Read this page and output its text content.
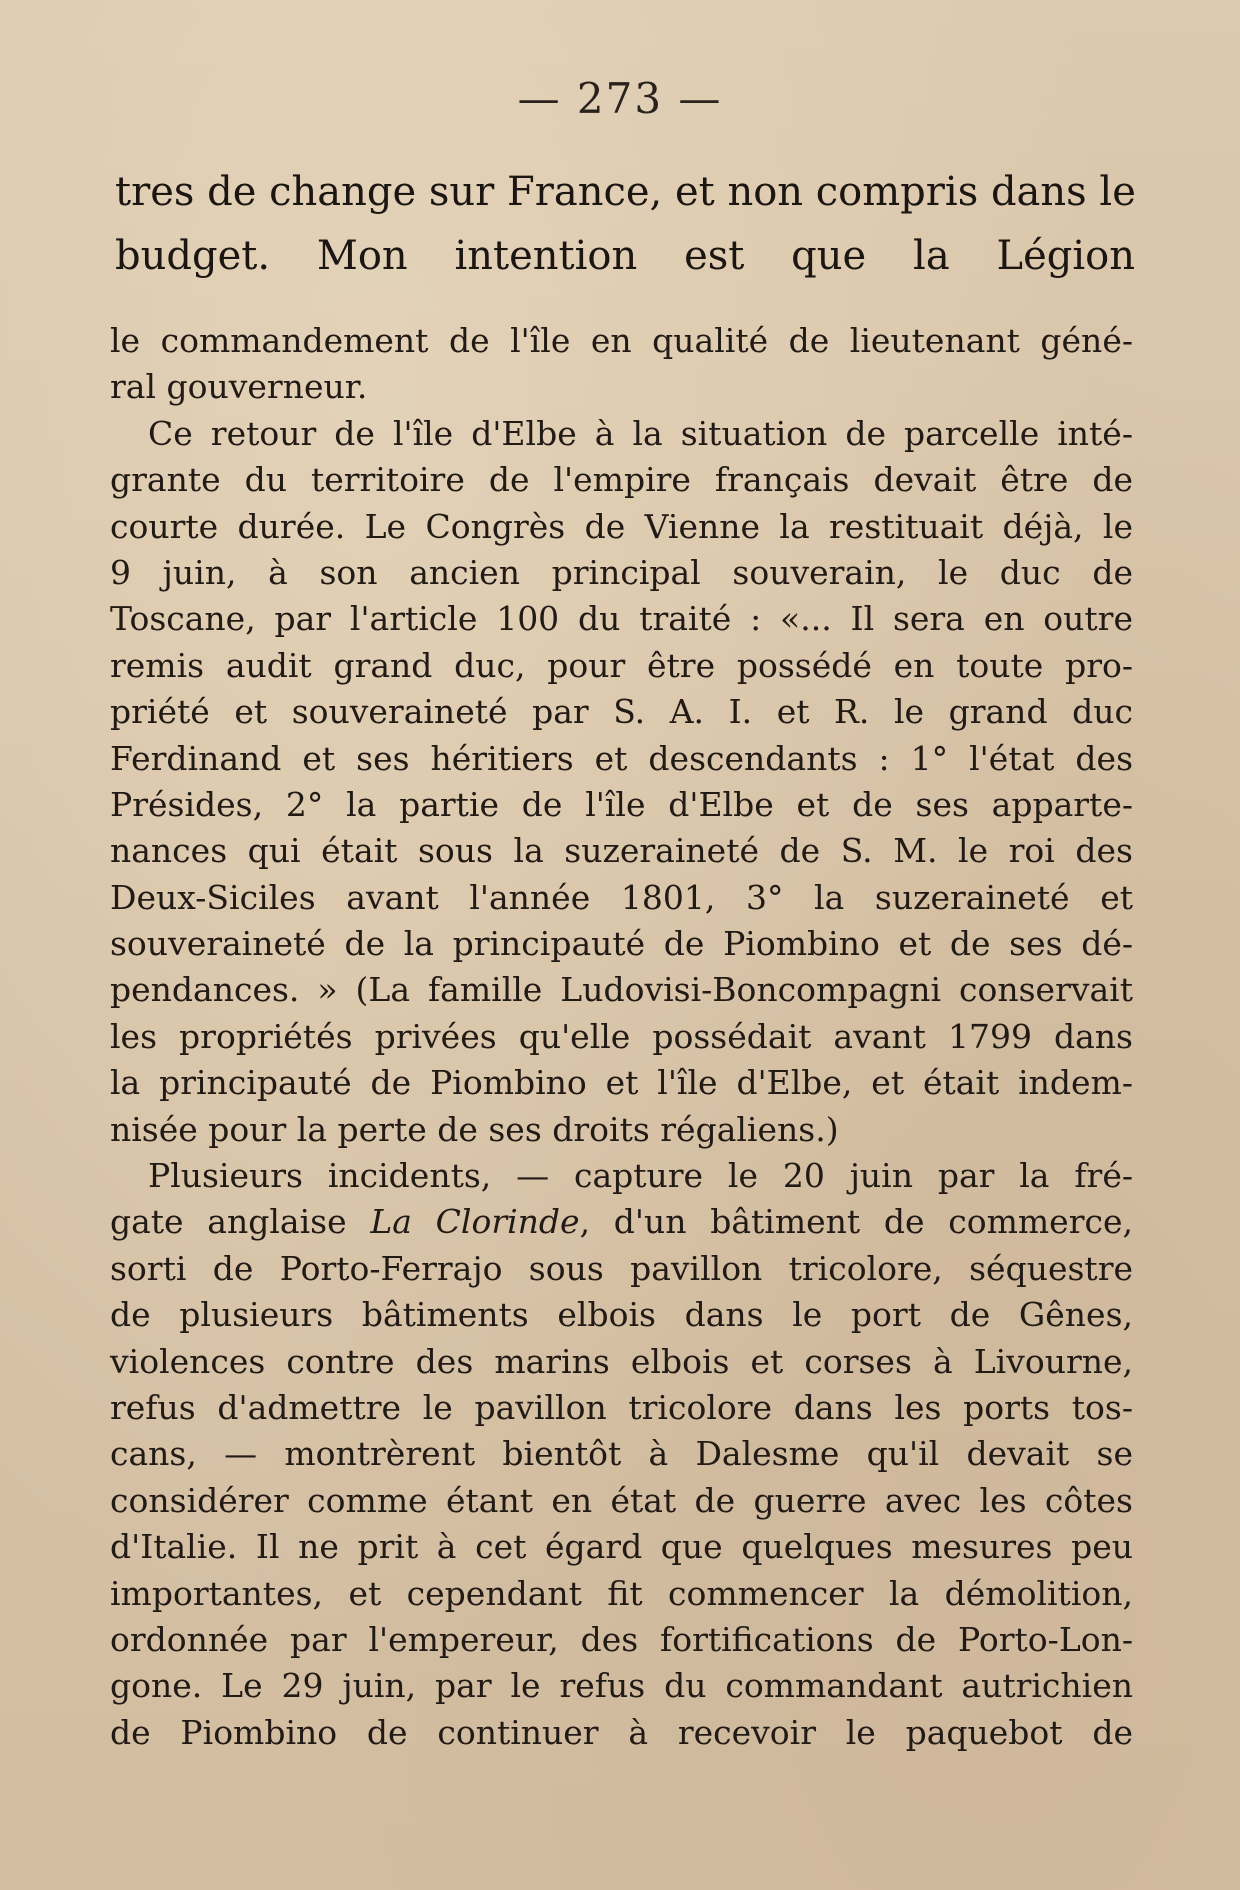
— 273 —
tres de change sur France, et non compris dans le
budget. Mon intention est que la Légion
le commandement de l'île en qualité de lieutenant géné-
ral gouverneur.
Ce retour de l'île d'Elbe à la situation de parcelle inté-
grante du territoire de l'empire français devait être de
courte durée. Le Congrès de Vienne la restituait déjà, le
9 juin, à son ancien principal souverain, le duc de
Toscane, par l'article 100 du traité : «... Il sera en outre
remis audit grand duc, pour être possédé en toute pro-
priété et souveraineté par S. A. I. et R. le grand duc
Ferdinand et ses héritiers et descendants : 1° l'état des
Présides, 2° la partie de l'île d'Elbe et de ses apparte-
nances qui était sous la suzeraineté de S. M. le roi des
Deux-Siciles avant l'année 1801, 3° la suzeraineté et
souveraineté de la principauté de Piombino et de ses dé-
pendances. » (La famille Ludovisi-Boncompagni conservait
les propriétés privées qu'elle possédait avant 1799 dans
la principauté de Piombino et l'île d'Elbe, et était indem-
nisée pour la perte de ses droits régaliens.)
Plusieurs incidents, — capture le 20 juin par la fré-
gate anglaise La Clorinde, d'un bâtiment de commerce,
sorti de Porto-Ferrajo sous pavillon tricolore, séquestre
de plusieurs bâtiments elbois dans le port de Gênes,
violences contre des marins elbois et corses à Livourne,
refus d'admettre le pavillon tricolore dans les ports tos-
cans, — montrèrent bientôt à Dalesme qu'il devait se
considérer comme étant en état de guerre avec les côtes
d'Italie. Il ne prit à cet égard que quelques mesures peu
importantes, et cependant fit commencer la démolition,
ordonnée par l'empereur, des fortifications de Porto-Lon-
gone. Le 29 juin, par le refus du commandant autrichien
de Piombino de continuer à recevoir le paquebot de
